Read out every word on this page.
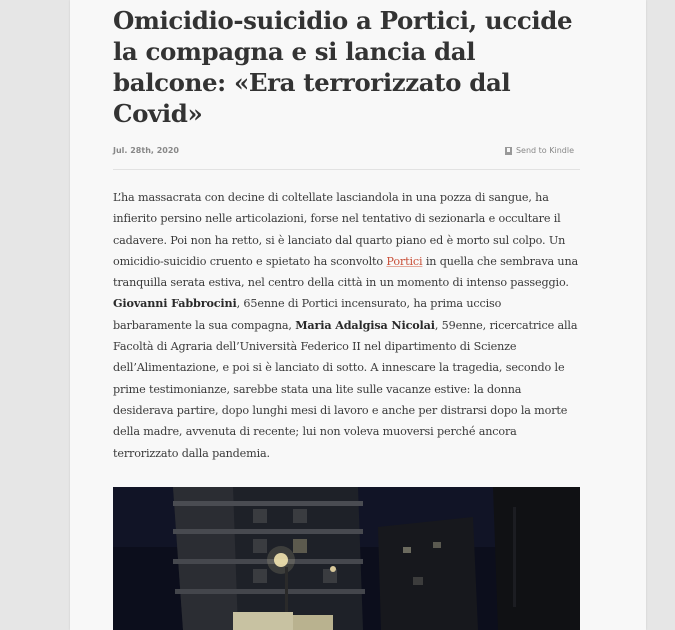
Omicidio-suicidio a Portici, uccide la compagna e si lancia dal balcone: «Era terrorizzato dal Covid»
Jul. 28th, 2020	Send to Kindle

L’ha massacrata con decine di coltellate lasciandola in una pozza di sangue, ha infierito persino nelle articolazioni, forse nel tentativo di sezionarla e occultare il cadavere. Poi non ha retto, si è lanciato dal quarto piano ed è morto sul colpo. Un omicidio-suicidio cruento e spietato ha sconvolto Portici in quella che sembrava una tranquilla serata estiva, nel centro della città in un momento di intenso passeggio. Giovanni Fabbrocini, 65enne di Portici incensurato, ha prima ucciso barbaramente la sua compagna, Maria Adalgisa Nicolai, 59enne, ricercatrice alla Facoltà di Agraria dell’Università Federico II nel dipartimento di Scienze dell’Alimentazione, e poi si è lanciato di sotto. A innescare la tragedia, secondo le prime testimonianze, sarebbe stata una lite sulle vacanze estive: la donna desiderava partire, dopo lunghi mesi di lavoro e anche per distrarsi dopo la morte della madre, avvenuta di recente; lui non voleva muoversi perché ancora terrorizzato dalla pandemia.
